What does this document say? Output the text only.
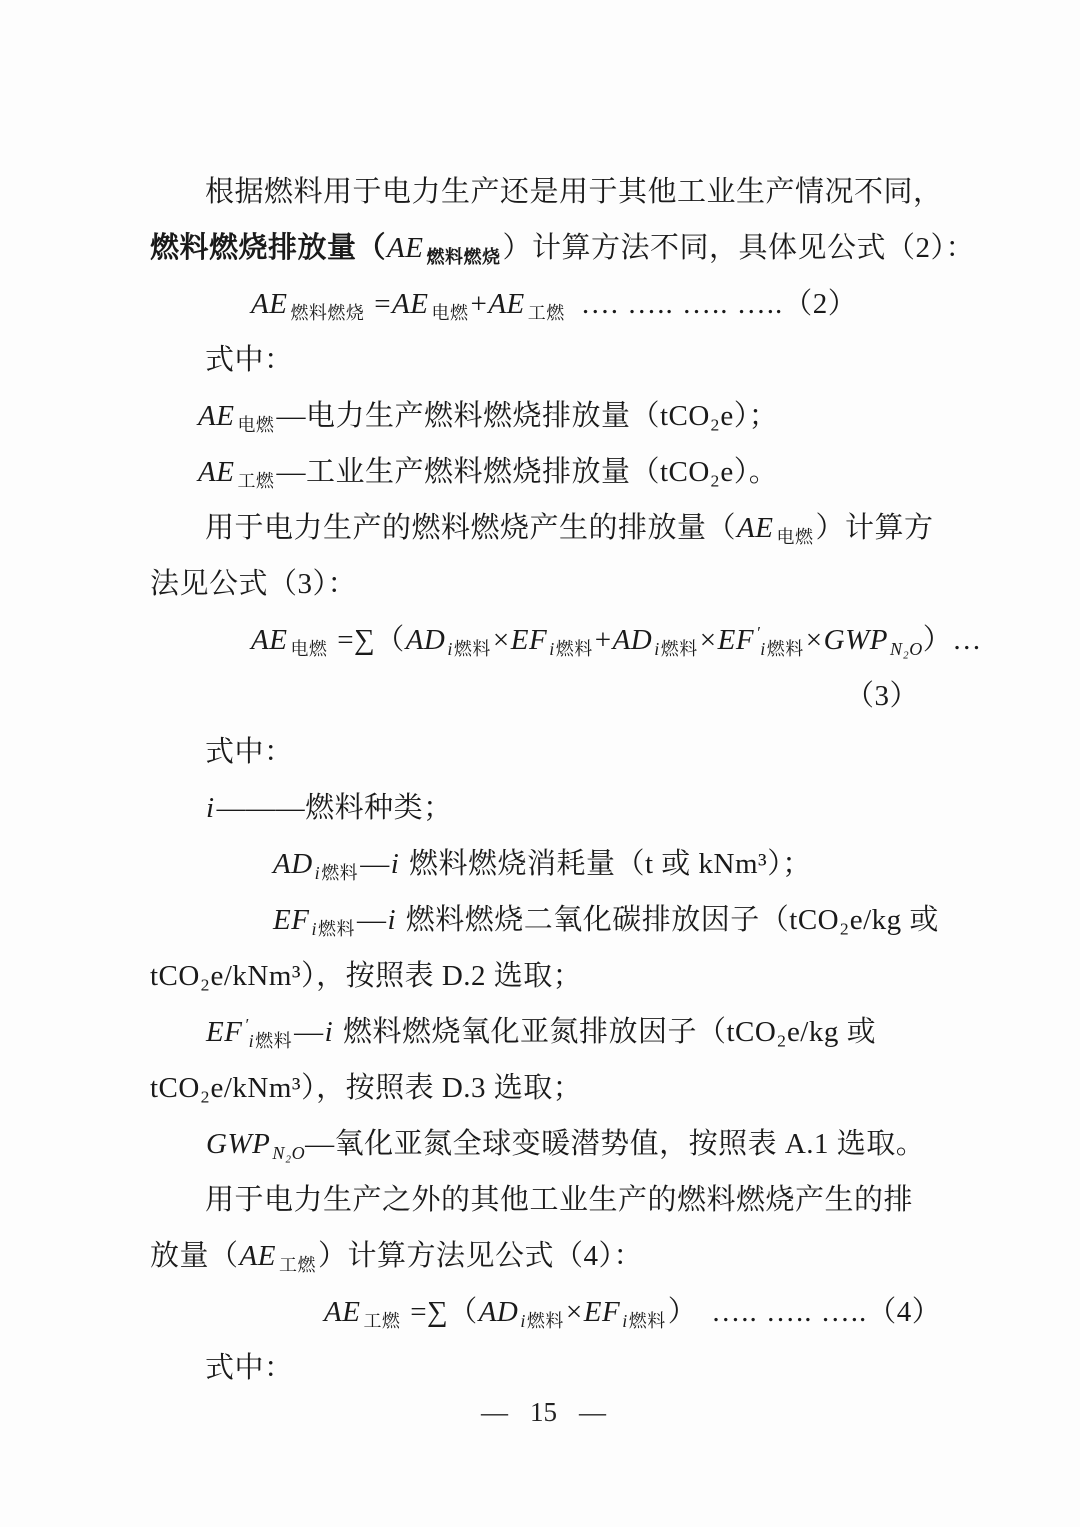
根据燃料用于电力生产还是用于其他工业生产情况不同，
燃料燃烧排放量（AE $_{燃料燃烧}$）计算方法不同，具体见公式（2）：
AE $_{燃料燃烧}$ =AE $_{电燃}$+AE $_{工燃}$ …. ….. ….. …..（2）
式中：
AE $_{电燃}$—电力生产燃料燃烧排放量（tCO₂e）；
AE $_{工燃}$—工业生产燃料燃烧排放量（tCO₂e）。
用于电力生产的燃料燃烧产生的排放量（AE $_{电燃}$）计算方
法见公式（3）：
AE $_{电燃}$ =∑（AD $_{i燃料}$×EF $_{i燃料}$+AD $_{i燃料}$×EF ′$_{i燃料}$×GWP $_{N_2O}$）…
（3）
式中：
i———燃料种类；
AD $_{i燃料}$—i 燃料燃烧消耗量（t 或 kNm³）；
EF $_{i燃料}$—i 燃料燃烧二氧化碳排放因子（tCO₂e/kg 或
tCO₂e/kNm³），按照表 D.2 选取；
EF ′$_{i燃料}$—i 燃料燃烧氧化亚氮排放因子（tCO₂e/kg 或
tCO₂e/kNm³），按照表 D.3 选取；
GWP $_{N_2O}$—氧化亚氮全球变暖潜势值，按照表 A.1 选取。
用于电力生产之外的其他工业生产的燃料燃烧产生的排
放量（AE $_{工燃}$）计算方法见公式（4）：
AE $_{工燃}$ =∑（AD $_{i燃料}$×EF $_{i燃料}$） ….. ….. …..（4）
式中：
— 15 —
